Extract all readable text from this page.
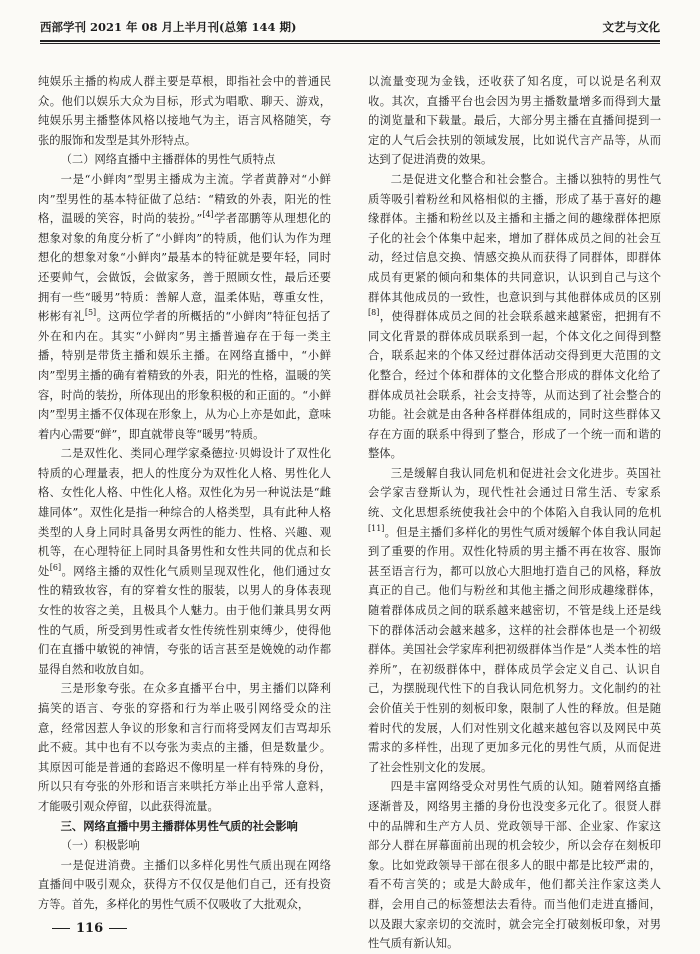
西部学刊 2021 年 08 月上半月刊(总第 144 期)	文艺与文化

纯娱乐主播的构成人群主要是草根，即指社会中的普通民众。他们以娱乐大众为目标，形式为唱歌、聊天、游戏，纯娱乐男主播整体风格以接地气为主，语言风格随笑，夸张的服饰和发型是其外形特点。

（二）网络直播中主播群体的男性气质特点

一是“小鲜肉”型男主播成为主流。学者黄静对“小鲜肉”型男性的基本特征做了总结：“精致的外表，阳光的性格，温暖的笑容，时尚的装扮。”[4]学者邵鹏等从理想化的想象对象的角度分析了“小鲜肉”的特质，他们认为作为理想化的想象对象“小鲜肉”最基本的特征就是要年轻，同时还要帅气，会做饭，会做家务，善于照顾女性，最后还要拥有一些“暖男”特质：善解人意，温柔体贴，尊重女性，彬彬有礼[5]。这两位学者的所概括的“小鲜肉”特征包括了外在和内在。其实“小鲜肉”男主播普遍存在于每一类主播，特别是带货主播和娱乐主播。在网络直播中，“小鲜肉”型男主播的确有着精致的外表，阳光的性格，温暖的笑容，时尚的装扮，所体现出的形象积极的和正面的。“小鲜肉”型男主播不仅体现在形象上，从为心上亦是如此，意味着内心需要“鲜”，即直就带良等“暖男”特质。

二是双性化、类同心理学家桑德拉·贝姆设计了双性化特质的心理量表，把人的性度分为双性化人格、男性化人格、女性化人格、中性化人格。双性化为另一种说法是“雌雄同体”。双性化是指一种综合的人格类型，具有此种人格类型的人身上同时具备男女两性的能力、性格、兴趣、观机等，在心理特征上同时具备男性和女性共同的优点和长处[6]。网络主播的双性化气质则呈现双性化，他们通过女性的精致妆容，有的穿着女性的服装，以男人的身体表现女性的妆容之美，且极具个人魅力。由于他们兼具男女两性的气质，所受到男性或者女性传统性别束缚少，使得他们在直播中敏锐的神情，夸张的话言甚至是娩娩的动作都显得自然和收放自如。

三是形象夸张。在众多直播平台中，男主播们以降利搞笑的语言、夸张的穿搭和行为举止吸引网络受众的注意，经常因惹人争议的形象和言行而将受网友们吉骂却乐此不疲。其中也有不以夸张为卖点的主播，但是数量少。其原因可能是普通的套路迟不像明星一样有特殊的身份，所以只有夸张的外形和语言来哄托方举止出乎常人意料，才能吸引观众停留，以此获得流量。

三、网络直播中男主播群体男性气质的社会影响
（一）积极影响

一是促进消费。主播们以多样化男性气质出现在网络直播间中吸引观众，获得方不仅仅是他们自己，还有投资方等。首先，多样化的男性气质不仅吸收了大批观众，

以流量变现为金钱，还收获了知名度，可以说是名利双收。其次，直播平台也会因为男主播数量增多而得到大量的浏览量和下载量。最后，大部分男主播在直播间提到一定的人气后会扶别的领域发展，比如说代言产品等，从而达到了促进消费的效果。

二是促进文化整合和社会整合。主播以独特的男性气质等吸引着粉丝和风格相似的主播，形成了基于喜好的趣缘群体。主播和粉丝以及主播和主播之间的趣缘群体把原子化的社会个体集中起来，增加了群体成员之间的社会互动，经过信息交换、情感交换从而获得了同群体，即群体成员有更紧的倾向和集体的共同意识，认识到自己与这个群体其他成员的一致性，也意识到与其他群体成员的区别[8]，使得群体成员之间的社会联系越来越紧密，把拥有不同文化背景的群体成员联系到一起，个体文化之间得到整合，联系起来的个体又经过群体活动交得到更大范围的文化整合，经过个体和群体的文化整合形成的群体文化给了群体成员社会联系，社会支持等，从而达到了社会整合的功能。社会就是由各种各样群体组成的，同时这些群体又存在方面的联系中得到了整合，形成了一个统一而和谐的整体。

三是缓解自我认同危机和促进社会文化进步。英国社会学家吉登斯认为，现代性社会通过日常生活、专家系统、文化思想系统使我社会中的个体陷入自我认同的危机[11]。但是主播们多样化的男性气质对缓解个体自我认同起到了重要的作用。双性化特质的男主播不再在妆容、服饰甚至语言行为，都可以放心大胆地打造自己的风格，释放真正的自己。他们与粉丝和其他主播之间形成趣缘群体，随着群体成员之间的联系越来越密切，不管是线上还是线下的群体活动会越来越多，这样的社会群体也是一个初级群体。美国社会学家库利把初级群体当作是“人类本性的培养所”，在初级群体中，群体成员学会定义自己、认识自己，为摆脱现代性下的自我认同危机努力。文化制约的社会价值关于性别的刻板印象，限制了人性的释放。但是随着时代的发展，人们对性别文化越来越包容以及网民中英需求的多样性，出现了更加多元化的男性气质，从而促进了社会性别文化的发展。

四是丰富网络受众对男性气质的认知。随着网络直播逐渐普及，网络男主播的身份也没变多元化了。很贤人群中的品牌和生产方人员、党政领导干部、企业家、作家这部分人群在屏幕面前出现的机会较少，所以会存在刻板印象。比如党政领导干部在很多人的眼中都是比较严肃的，看不苟言笑的；或是大龄成年，他们都关注作家这类人群，会用自己的标签想法去看待。而当他们走进直播间，以及跟大家亲切的交流时，就会完全打破刻板印象，对男性气质有新认知。

116
